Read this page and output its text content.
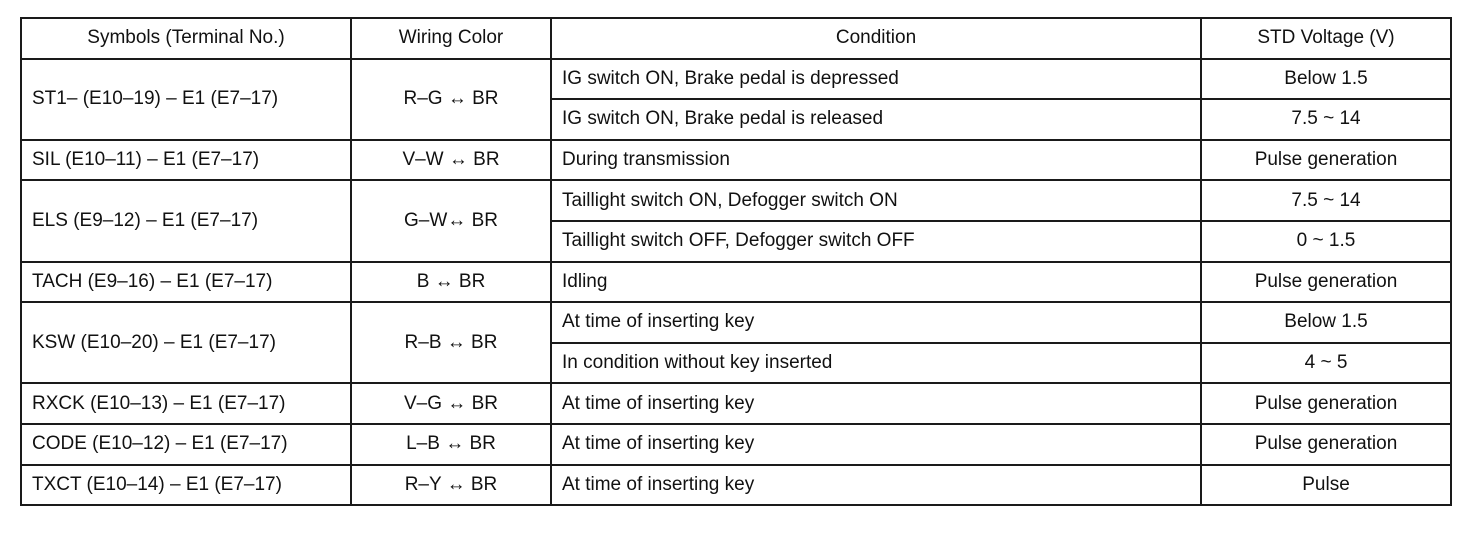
Symbols (Terminal No.)	Wiring Color	Condition	STD Voltage (V)
ST1– (E10–19) – E1 (E7–17)	R–G ↔ BR	IG switch ON, Brake pedal is depressed	Below 1.5
		IG switch ON, Brake pedal is released	7.5 ~ 14
SIL (E10–11) – E1 (E7–17)	V–W ↔ BR	During transmission	Pulse generation
ELS (E9–12) – E1 (E7–17)	G–W↔ BR	Taillight switch ON, Defogger switch ON	7.5 ~ 14
		Taillight switch OFF, Defogger switch OFF	0 ~ 1.5
TACH (E9–16) – E1 (E7–17)	B ↔ BR	Idling	Pulse generation
KSW (E10–20) – E1 (E7–17)	R–B ↔ BR	At time of inserting key	Below 1.5
		In condition without key inserted	4 ~ 5
RXCK (E10–13) – E1 (E7–17)	V–G ↔ BR	At time of inserting key	Pulse generation
CODE (E10–12) – E1 (E7–17)	L–B ↔ BR	At time of inserting key	Pulse generation
TXCT (E10–14) – E1 (E7–17)	R–Y ↔ BR	At time of inserting key	Pulse
